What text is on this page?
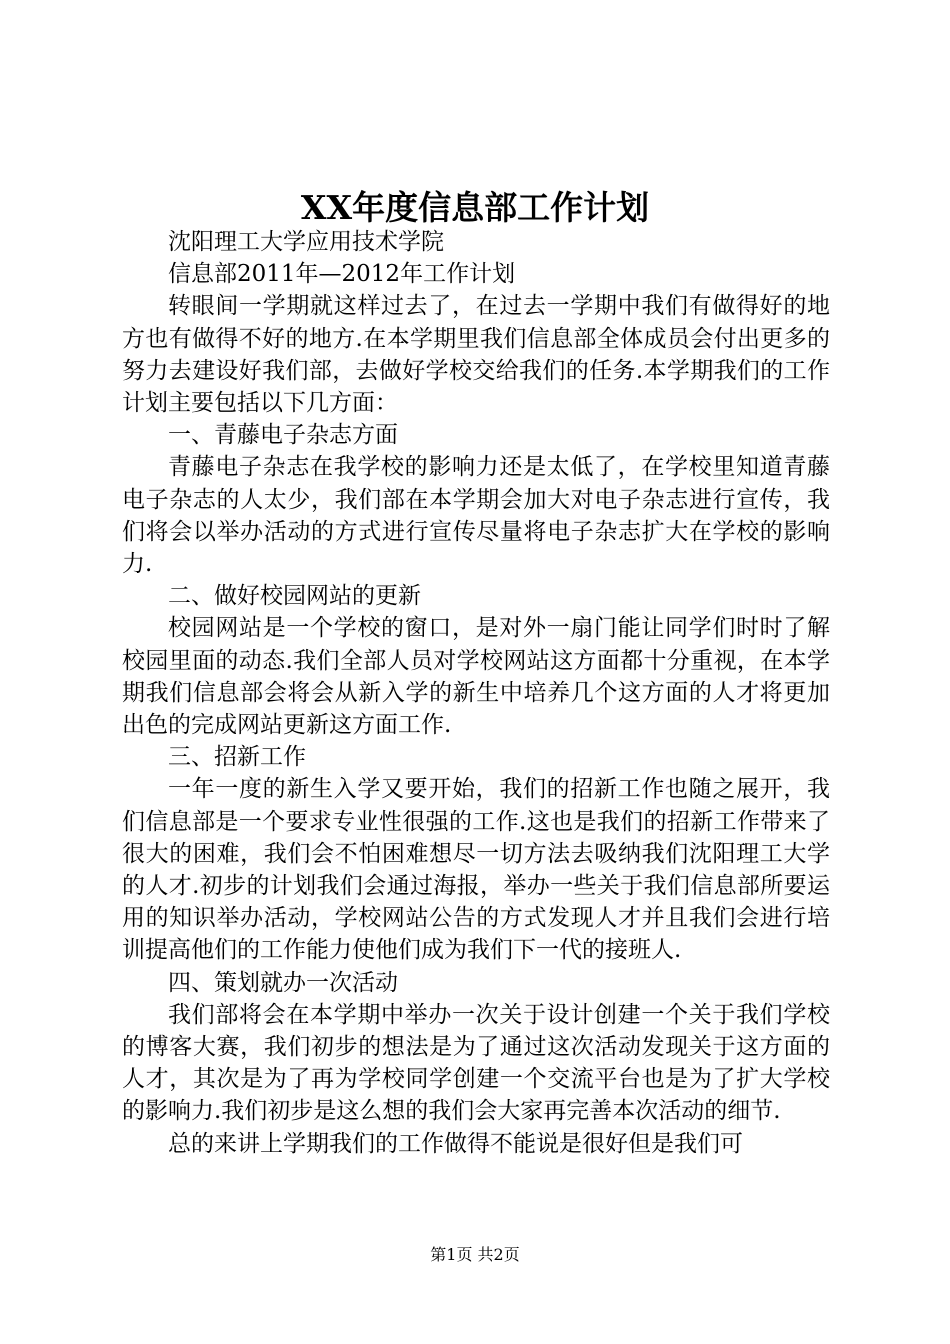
XX年度信息部工作计划

沈阳理工大学应用技术学院

信息部2011年—2012年工作计划

转眼间一学期就这样过去了，在过去一学期中我们有做得好的地方也有做得不好的地方.在本学期里我们信息部全体成员会付出更多的努力去建设好我们部，去做好学校交给我们的任务.本学期我们的工作计划主要包括以下几方面：

一、青藤电子杂志方面

青藤电子杂志在我学校的影响力还是太低了，在学校里知道青藤电子杂志的人太少，我们部在本学期会加大对电子杂志进行宣传，我们将会以举办活动的方式进行宣传尽量将电子杂志扩大在学校的影响力.

二、做好校园网站的更新

校园网站是一个学校的窗口，是对外一扇门能让同学们时时了解校园里面的动态.我们全部人员对学校网站这方面都十分重视，在本学期我们信息部会将会从新入学的新生中培养几个这方面的人才将更加出色的完成网站更新这方面工作.

三、招新工作

一年一度的新生入学又要开始，我们的招新工作也随之展开，我们信息部是一个要求专业性很强的工作.这也是我们的招新工作带来了很大的困难，我们会不怕困难想尽一切方法去吸纳我们沈阳理工大学的人才.初步的计划我们会通过海报，举办一些关于我们信息部所要运用的知识举办活动，学校网站公告的方式发现人才并且我们会进行培训提高他们的工作能力使他们成为我们下一代的接班人.

四、策划就办一次活动

我们部将会在本学期中举办一次关于设计创建一个关于我们学校的博客大赛，我们初步的想法是为了通过这次活动发现关于这方面的人才，其次是为了再为学校同学创建一个交流平台也是为了扩大学校的影响力.我们初步是这么想的我们会大家再完善本次活动的细节.

总的来讲上学期我们的工作做得不能说是很好但是我们可

第1页 共2页
